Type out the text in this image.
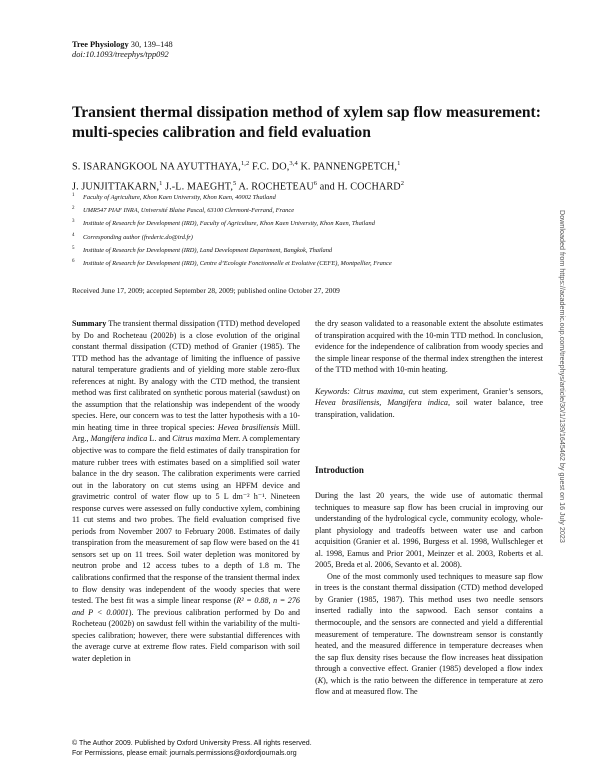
Tree Physiology 30, 139–148
doi:10.1093/treephys/tpp092
Transient thermal dissipation method of xylem sap flow measurement: multi-species calibration and field evaluation
S. ISARANGKOOL NA AYUTTHAYA,$^{1,2}$ F.C. DO,$^{3,4}$ K. PANNENGPETCH,$^1$
J. JUNJITTAKARN,$^1$ J.-L. MAEGHT,$^5$ A. ROCHETEAU$^6$ and H. COCHARD$^2$
1 Faculty of Agriculture, Khon Kaen University, Khon Kaen, 40002 Thailand
2 UMR547 PIAF INRA, Université Blaise Pascal, 63100 Clermont-Ferrand, France
3 Institute of Research for Development (IRD), Faculty of Agriculture, Khon Kaen University, Khon Kaen, Thailand
4 Corresponding author (frederic.do@ird.fr)
5 Institute of Research for Development (IRD), Land Development Department, Bangkok, Thailand
6 Institute of Research for Development (IRD), Centre d’Ecologie Fonctionnelle et Evolutive (CEFE), Montpellier, France
Received June 17, 2009; accepted September 28, 2009; published online October 27, 2009

Summary The transient thermal dissipation (TTD) method developed by Do and Rocheteau (2002b) is a close evolution of the original constant thermal dissipation (CTD) method of Granier (1985). The TTD method has the advantage of limiting the influence of passive natural temperature gradients and of yielding more stable zero-flux references at night. By analogy with the CTD method, the transient method was first calibrated on synthetic porous material (sawdust) on the assumption that the relationship was independent of the woody species. Here, our concern was to test the latter hypothesis with a 10-min heating time in three tropical species: Hevea brasiliensis Müll. Arg., Mangifera indica L. and Citrus maxima Merr. A complementary objective was to compare the field estimates of daily transpiration for mature rubber trees with estimates based on a simplified soil water balance in the dry season. The calibration experiments were carried out in the laboratory on cut stems using an HPFM device and gravimetric control of water flow up to 5 L dm⁻² h⁻¹. Nineteen response curves were assessed on fully conductive xylem, combining 11 cut stems and two probes. The field evaluation comprised five periods from November 2007 to February 2008. Estimates of daily transpiration from the measurement of sap flow were based on the 41 sensors set up on 11 trees. Soil water depletion was monitored by neutron probe and 12 access tubes to a depth of 1.8 m. The calibrations confirmed that the response of the transient thermal index to flow density was independent of the woody species that were tested. The best fit was a simple linear response (R² = 0.88, n = 276 and P < 0.0001). The previous calibration performed by Do and Rocheteau (2002b) on sawdust fell within the variability of the multi-species calibration; however, there were substantial differences with the average curve at extreme flow rates. Field comparison with soil water depletion in

the dry season validated to a reasonable extent the absolute estimates of transpiration acquired with the 10-min TTD method. In conclusion, evidence for the independence of calibration from woody species and the simple linear response of the thermal index strengthen the interest of the TTD method with 10-min heating.

Keywords: Citrus maxima, cut stem experiment, Granier’s sensors, Hevea brasiliensis, Mangifera indica, soil water balance, tree transpiration, validation.

Introduction

During the last 20 years, the wide use of automatic thermal techniques to measure sap flow has been crucial in improving our understanding of the hydrological cycle, community ecology, whole-plant physiology and tradeoffs between water use and carbon acquisition (Granier et al. 1996, Burgess et al. 1998, Wullschleger et al. 1998, Eamus and Prior 2001, Meinzer et al. 2003, Roberts et al. 2005, Breda et al. 2006, Sevanto et al. 2008).

One of the most commonly used techniques to measure sap flow in trees is the constant thermal dissipation (CTD) method developed by Granier (1985, 1987). This method uses two needle sensors inserted radially into the sapwood. Each sensor contains a thermocouple, and the sensors are connected and yield a differential measurement of temperature. The downstream sensor is constantly heated, and the measured difference in temperature decreases when the sap flux density rises because the flow increases heat dissipation through a convective effect. Granier (1985) developed a flow index (K), which is the ratio between the difference in temperature at zero flow and at measured flow. The

© The Author 2009. Published by Oxford University Press. All rights reserved.
For Permissions, please email: journals.permissions@oxfordjournals.org
Downloaded from https://academic.oup.com/treephys/article/30/1/139/1645462 by guest on 16 July 2023
